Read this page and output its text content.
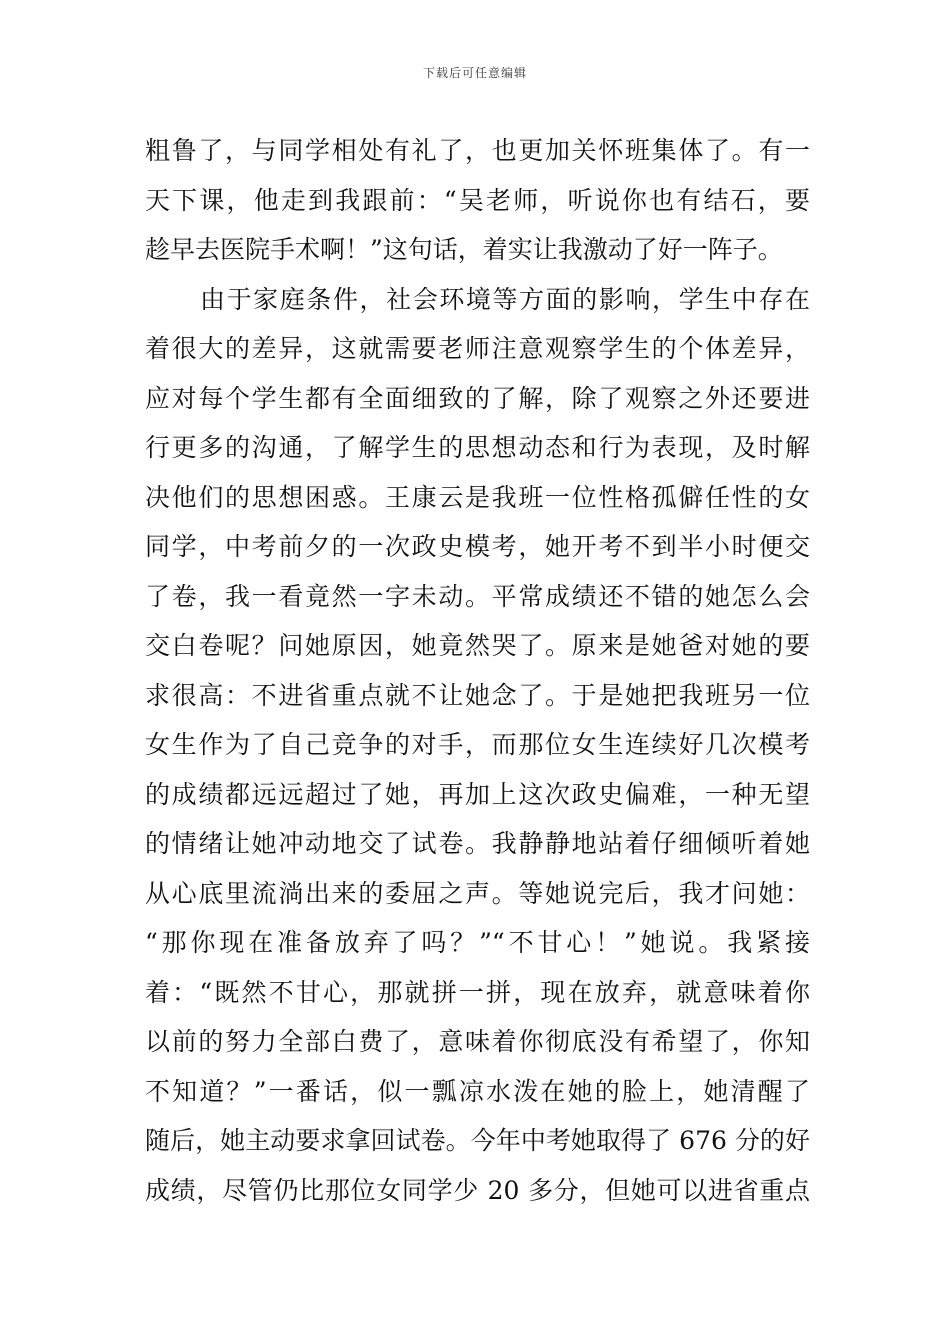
下载后可任意编辑
粗鲁了，与同学相处有礼了，也更加关怀班集体了。有一
天下课，他走到我跟前：“吴老师，听说你也有结石，要
趁早去医院手术啊！”这句话，着实让我激动了好一阵子。
由于家庭条件，社会环境等方面的影响，学生中存在
着很大的差异，这就需要老师注意观察学生的个体差异，
应对每个学生都有全面细致的了解，除了观察之外还要进
行更多的沟通，了解学生的思想动态和行为表现，及时解
决他们的思想困惑。王康云是我班一位性格孤僻任性的女
同学，中考前夕的一次政史模考，她开考不到半小时便交
了卷，我一看竟然一字未动。平常成绩还不错的她怎么会
交白卷呢？问她原因，她竟然哭了。原来是她爸对她的要
求很高：不进省重点就不让她念了。于是她把我班另一位
女生作为了自己竞争的对手，而那位女生连续好几次模考
的成绩都远远超过了她，再加上这次政史偏难，一种无望
的情绪让她冲动地交了试卷。我静静地站着仔细倾听着她
从心底里流淌出来的委屈之声。等她说完后，我才问她：
“那你现在准备放弃了吗？”“不甘心！”她说。我紧接
着：“既然不甘心，那就拼一拼，现在放弃，就意味着你
以前的努力全部白费了，意味着你彻底没有希望了，你知
不知道？”一番话，似一瓢凉水泼在她的脸上，她清醒了
随后，她主动要求拿回试卷。今年中考她取得了 676 分的好
成绩，尽管仍比那位女同学少 20 多分，但她可以进省重点
